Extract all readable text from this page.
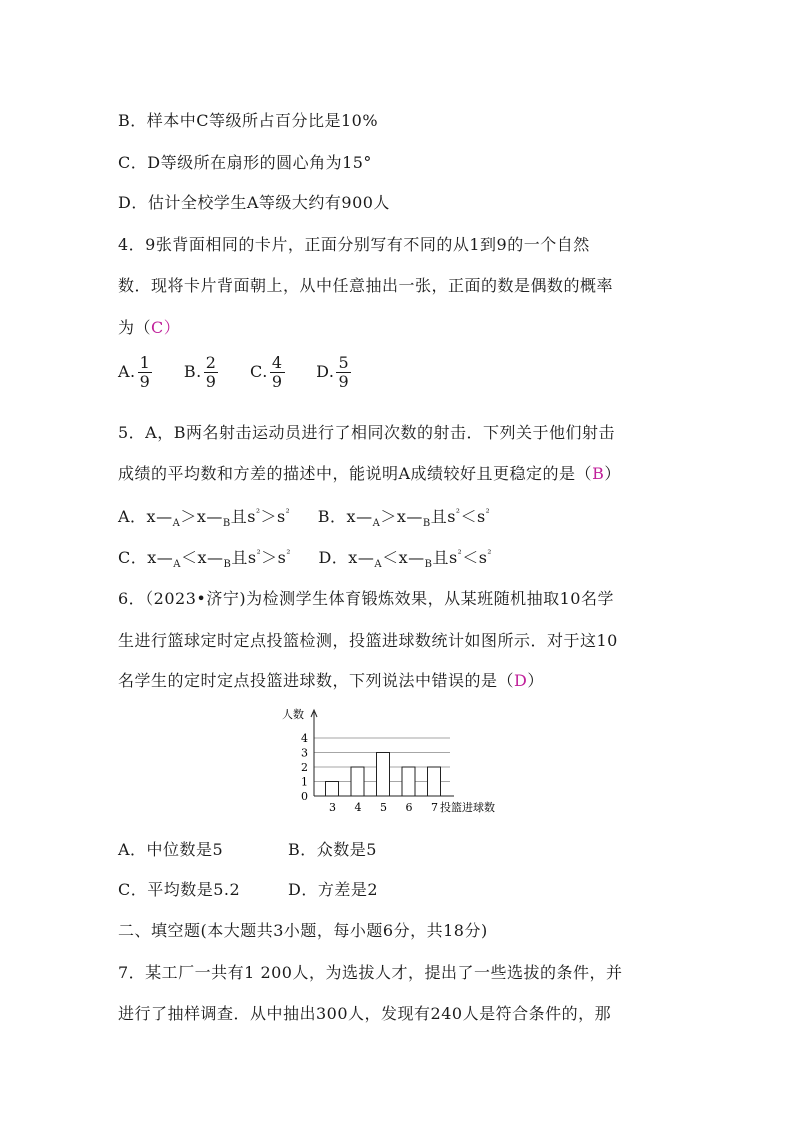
B．样本中C等级所占百分比是10%
C．D等级所在扇形的圆心角为15°
D．估计全校学生A等级大约有900人
4．9张背面相同的卡片，正面分别写有不同的从1到9的一个自然
数．现将卡片背面朝上，从中任意抽出一张，正面的数是偶数的概率
为（C）
A. $\frac{1}{9} B$. $\frac{2}{9} C$. $\frac{4}{9} D$. $\frac{5}{9}$
5．A，B两名射击运动员进行了相同次数的射击．下列关于他们射击
成绩的平均数和方差的描述中，能说明A成绩较好且更稳定的是（B）
A．$x—_A>x—_B$且$s^{^2}>s^{^2}$ B．$x—_A>x—_B$且$s^{^2}<s^{^2}$
C．$x—_A<x—_B$且$s^{^2}>s^{^2}$ D．$x—_A<x—_B$且$s^{^2}<s^{^2}$
6．（2023•济宁)为检测学生体育锻炼效果，从某班随机抽取10名学
生进行篮球定时定点投篮检测，投篮进球数统计如图所示．对于这10
名学生的定时定点投篮进球数，下列说法中错误的是（D）
0
1
2
3
4
3 4 5 6 7
人数
投篮进球数
A．中位数是5	B．众数是5
C．平均数是5.2	D．方差是2
二、填空题(本大题共3小题，每小题6分，共18分)
7．某工厂一共有1 200人，为选拔人才，提出了一些选拔的条件，并
进行了抽样调查．从中抽出300人，发现有240人是符合条件的，那
